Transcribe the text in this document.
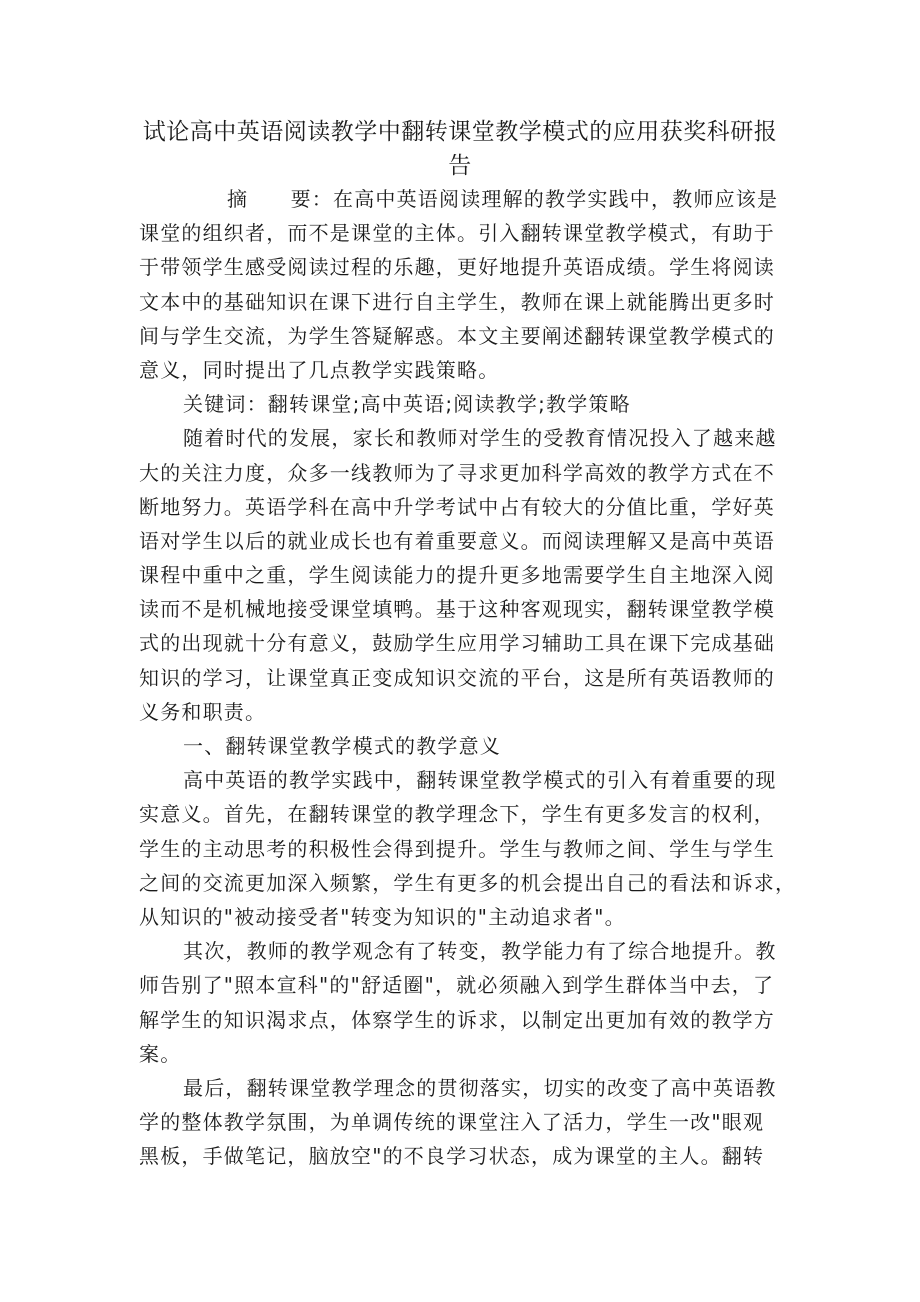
试论高中英语阅读教学中翻转课堂教学模式的应用获奖科研报
告
摘　　要：在高中英语阅读理解的教学实践中，教师应该是
课堂的组织者，而不是课堂的主体。引入翻转课堂教学模式，有助于
于带领学生感受阅读过程的乐趣，更好地提升英语成绩。学生将阅读
文本中的基础知识在课下进行自主学生，教师在课上就能腾出更多时
间与学生交流，为学生答疑解惑。本文主要阐述翻转课堂教学模式的
意义，同时提出了几点教学实践策略。
关键词：翻转课堂;高中英语;阅读教学;教学策略
随着时代的发展，家长和教师对学生的受教育情况投入了越来越
大的关注力度，众多一线教师为了寻求更加科学高效的教学方式在不
断地努力。英语学科在高中升学考试中占有较大的分值比重，学好英
语对学生以后的就业成长也有着重要意义。而阅读理解又是高中英语
课程中重中之重，学生阅读能力的提升更多地需要学生自主地深入阅
读而不是机械地接受课堂填鸭。基于这种客观现实，翻转课堂教学模
式的出现就十分有意义，鼓励学生应用学习辅助工具在课下完成基础
知识的学习，让课堂真正变成知识交流的平台，这是所有英语教师的
义务和职责。
一、翻转课堂教学模式的教学意义
高中英语的教学实践中，翻转课堂教学模式的引入有着重要的现
实意义。首先，在翻转课堂的教学理念下，学生有更多发言的权利，
学生的主动思考的积极性会得到提升。学生与教师之间、学生与学生
之间的交流更加深入频繁，学生有更多的机会提出自己的看法和诉求，
从知识的"被动接受者"转变为知识的"主动追求者"。
其次，教师的教学观念有了转变，教学能力有了综合地提升。教
师告别了"照本宣科"的"舒适圈"，就必须融入到学生群体当中去，了
解学生的知识渴求点，体察学生的诉求，以制定出更加有效的教学方
案。
最后，翻转课堂教学理念的贯彻落实，切实的改变了高中英语教
学的整体教学氛围，为单调传统的课堂注入了活力，学生一改"眼观
黑板，手做笔记，脑放空"的不良学习状态，成为课堂的主人。翻转
